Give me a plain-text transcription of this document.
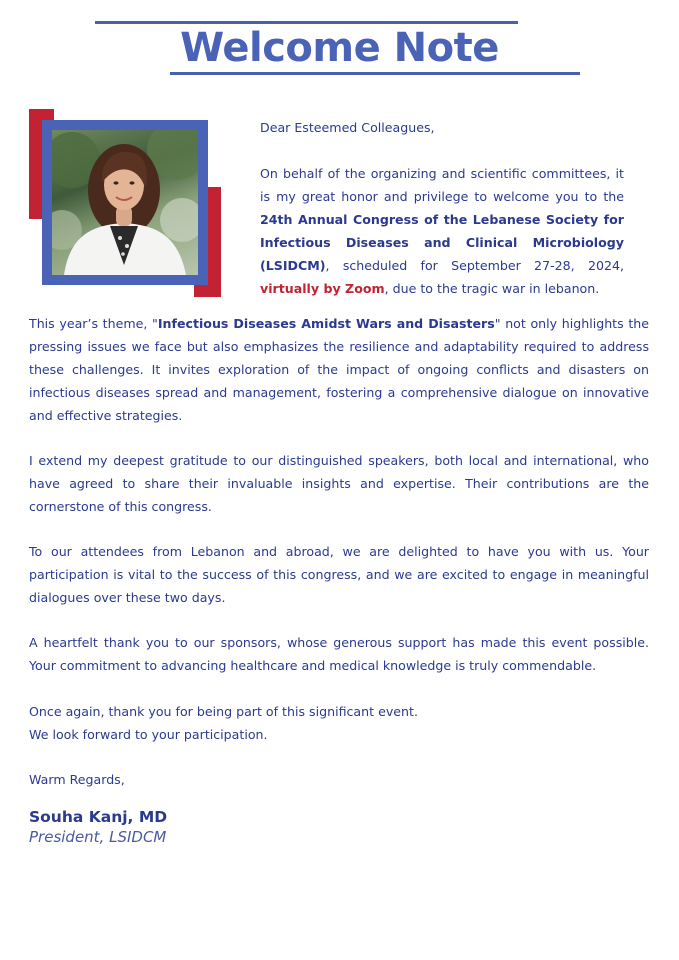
Welcome Note

Dear Esteemed Colleagues,

On behalf of the organizing and scientific committees, it is my great honor and privilege to welcome you to the 24th Annual Congress of the Lebanese Society for Infectious Diseases and Clinical Microbiology (LSIDCM), scheduled for September 27-28, 2024, virtually by Zoom, due to the tragic war in lebanon.

This year’s theme, "Infectious Diseases Amidst Wars and Disasters" not only highlights the pressing issues we face but also emphasizes the resilience and adaptability required to address these challenges. It invites exploration of the impact of ongoing conflicts and disasters on infectious diseases spread and management, fostering a comprehensive dialogue on innovative and effective strategies.

I extend my deepest gratitude to our distinguished speakers, both local and international, who have agreed to share their invaluable insights and expertise. Their contributions are the cornerstone of this congress.

To our attendees from Lebanon and abroad, we are delighted to have you with us. Your participation is vital to the success of this congress, and we are excited to engage in meaningful dialogues over these two days.

A heartfelt thank you to our sponsors, whose generous support has made this event possible. Your commitment to advancing healthcare and medical knowledge is truly commendable.

Once again, thank you for being part of this significant event.

We look forward to your participation.

Warm Regards,

Souha Kanj, MD
President, LSIDCM
